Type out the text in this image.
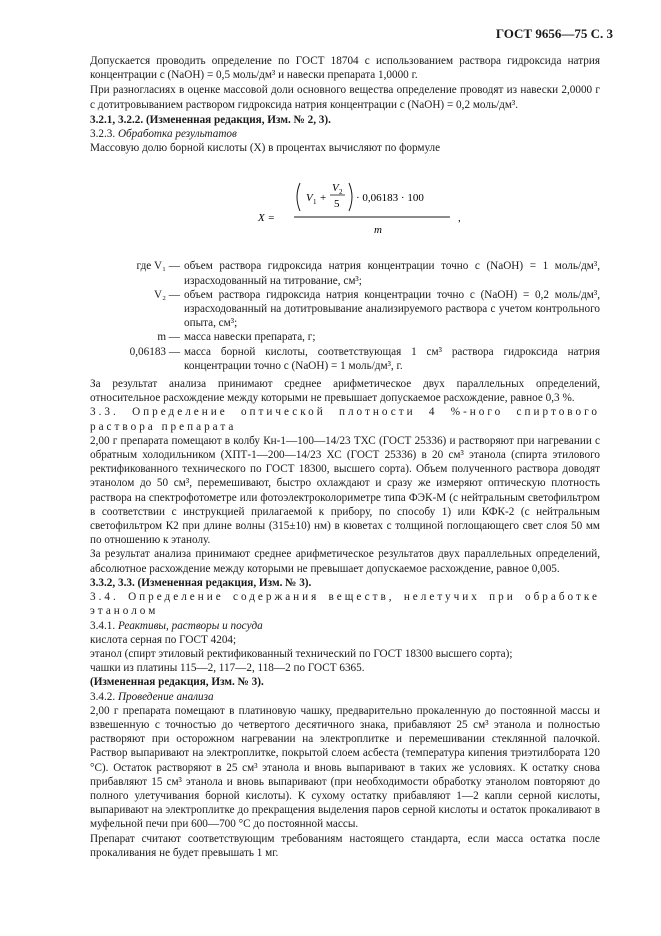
ГОСТ 9656—75 С. 3

Допускается проводить определение по ГОСТ 18704 с использованием раствора гидроксида натрия концентрации c (NaOH) = 0,5 моль/дм³ и навески препарата 1,0000 г.

При разногласиях в оценке массовой доли основного вещества определение проводят из навески 2,0000 г с дотитровыванием раствором гидроксида натрия концентрации c (NaOH) = 0,2 моль/дм³.

3.2.1, 3.2.2. (Измененная редакция, Изм. № 2, 3).

3.2.3. Обработка результатов

Массовую долю борной кислоты (X) в процентах вычисляют по формуле

X =
V 1 +
V 2
5 · 0,06183 · 100
m
,
где V₁ — объем раствора гидроксида натрия концентрации точно c (NaOH) = 1 моль/дм³, израсходованный на титрование, см³;
V₂ — объем раствора гидроксида натрия концентрации точно c (NaOH) = 0,2 моль/дм³, израсходованный на дотитровывание анализируемого раствора с учетом контрольного опыта, см³;
m — масса навески препарата, г;
0,06183 — масса борной кислоты, соответствующая 1 см³ раствора гидроксида натрия концентрации точно c (NaOH) = 1 моль/дм³, г.

За результат анализа принимают среднее арифметическое двух параллельных определений, относительное расхождение между которыми не превышает допускаемое расхождение, равное 0,3 %.

3.3. Определение оптической плотности 4 %-ного спиртового раствора препарата

2,00 г препарата помещают в колбу Кн-1—100—14/23 ТХС (ГОСТ 25336) и растворяют при нагревании с обратным холодильником (ХПТ-1—200—14/23 ХС (ГОСТ 25336) в 20 см³ этанола (спирта этилового ректификованного технического по ГОСТ 18300, высшего сорта). Объем полученного раствора доводят этанолом до 50 см³, перемешивают, быстро охлаждают и сразу же измеряют оптическую плотность раствора на спектрофотометре или фотоэлектроколориметре типа ФЭК-М (с нейтральным светофильтром в соответствии с инструкцией прилагаемой к прибору, по способу 1) или КФК-2 (с нейтральным светофильтром К2 при длине волны (315±10) нм) в кюветах с толщиной поглощающего свет слоя 50 мм по отношению к этанолу.

За результат анализа принимают среднее арифметическое результатов двух параллельных определений, абсолютное расхождение между которыми не превышает допускаемое расхождение, равное 0,005.

3.3.2, 3.3. (Измененная редакция, Изм. № 3).

3.4. Определение содержания веществ, нелетучих при обработке этанолом

3.4.1. Реактивы, растворы и посуда

кислота серная по ГОСТ 4204;

этанол (спирт этиловый ректификованный технический по ГОСТ 18300 высшего сорта);

чашки из платины 115—2, 117—2, 118—2 по ГОСТ 6365.

(Измененная редакция, Изм. № 3).

3.4.2. Проведение анализа

2,00 г препарата помещают в платиновую чашку, предварительно прокаленную до постоянной массы и взвешенную с точностью до четвертого десятичного знака, прибавляют 25 см³ этанола и полностью растворяют при осторожном нагревании на электроплитке и перемешивании стеклянной палочкой. Раствор выпаривают на электроплитке, покрытой слоем асбеста (температура кипения триэтилбората 120 °С). Остаток растворяют в 25 см³ этанола и вновь выпаривают в таких же условиях. К остатку снова прибавляют 15 см³ этанола и вновь выпаривают (при необходимости обработку этанолом повторяют до полного улетучивания борной кислоты). К сухому остатку прибавляют 1—2 капли серной кислоты, выпаривают на электроплитке до прекращения выделения паров серной кислоты и остаток прокаливают в муфельной печи при 600—700 °С до постоянной массы.

Препарат считают соответствующим требованиям настоящего стандарта, если масса остатка после прокаливания не будет превышать 1 мг.
